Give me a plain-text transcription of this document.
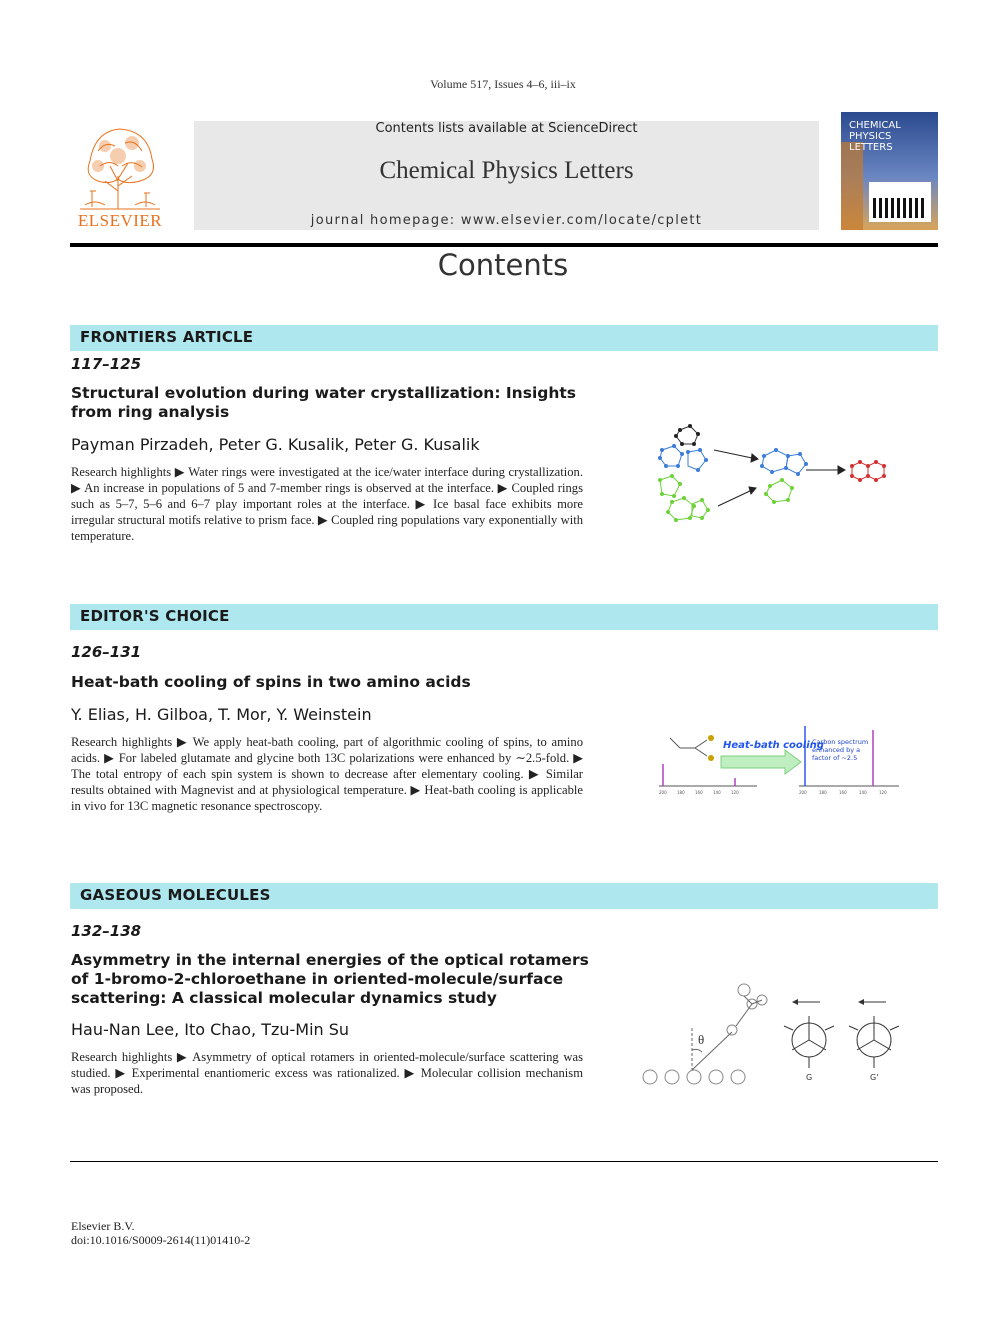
Volume 517, Issues 4–6, iii–ix
Contents lists available at ScienceDirect
Chemical Physics Letters
journal homepage: www.elsevier.com/locate/cplett
ELSEVIER
CHEMICAL
PHYSICS
LETTERS
Contents
FRONTIERS ARTICLE
117–125
Structural evolution during water crystallization: Insights from ring analysis
Payman Pirzadeh, Peter G. Kusalik, Peter G. Kusalik
Research highlights ▶ Water rings were investigated at the ice/water interface during crystallization. ▶ An increase in populations of 5 and 7-member rings is observed at the interface. ▶ Coupled rings such as 5–7, 5–6 and 6–7 play important roles at the interface. ▶ Ice basal face exhibits more irregular structural motifs relative to prism face. ▶ Coupled ring populations vary exponentially with temperature.
EDITOR'S CHOICE
126–131
Heat-bath cooling of spins in two amino acids
Y. Elias, H. Gilboa, T. Mor, Y. Weinstein
Research highlights ▶ We apply heat-bath cooling, part of algorithmic cooling of spins, to amino acids. ▶ For labeled glutamate and glycine both 13C polarizations were enhanced by ∼2.5-fold. ▶ The total entropy of each spin system is shown to decrease after elementary cooling. ▶ Similar results obtained with Magnevist and at physiological temperature. ▶ Heat-bath cooling is applicable in vivo for 13C magnetic resonance spectroscopy.
200	180	160	140	120	200	180	160	140	120
Heat-bath cooling
Carbon spectrum
enhanced by a
factor of ~2.5
GASEOUS MOLECULES
132–138
Asymmetry in the internal energies of the optical rotamers of 1-bromo-2-chloroethane in oriented-molecule/surface scattering: A classical molecular dynamics study
Hau-Nan Lee, Ito Chao, Tzu-Min Su
Research highlights ▶ Asymmetry of optical rotamers in oriented-molecule/surface scattering was studied. ▶ Experimental enantiomeric excess was rationalized. ▶ Molecular collision mechanism was proposed.
θ
G	G'
Elsevier B.V.
doi:10.1016/S0009-2614(11)01410-2
